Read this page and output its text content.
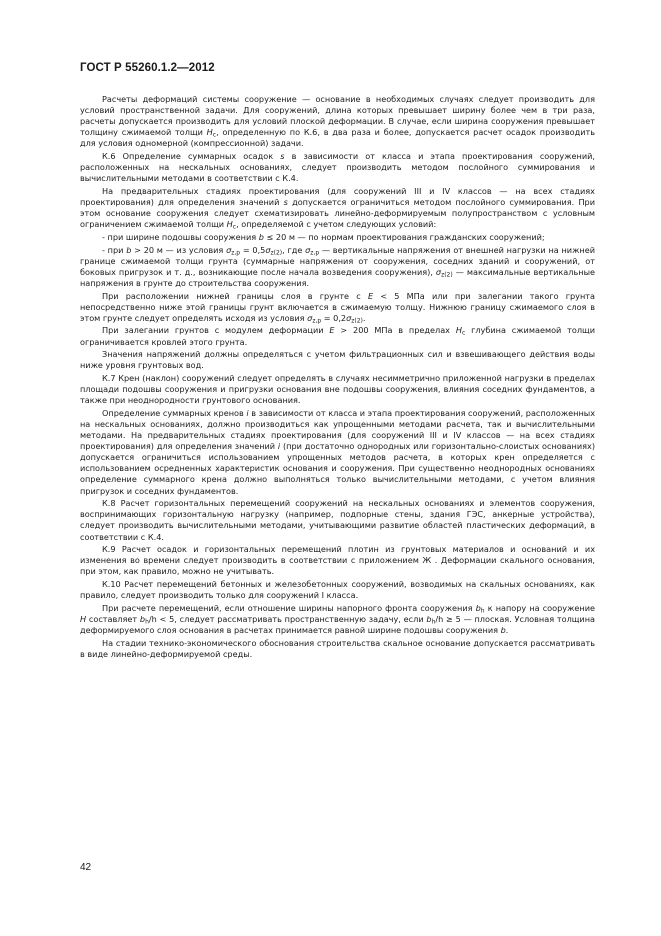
ГОСТ Р 55260.1.2—2012

Расчеты деформаций системы сооружение — основание в необходимых случаях следует производить для условий пространственной задачи. Для сооружений, длина которых превышает ширину более чем в три раза, расчеты допускается производить для условий плоской деформации. В случае, если ширина сооружения превышает толщину сжимаемой толщи $H_c$, определенную по К.6, в два раза и более, допускается расчет осадок производить для условия одномерной (компрессионной) задачи.

К.6 Определение суммарных осадок s в зависимости от класса и этапа проектирования сооружений, расположенных на нескальных основаниях, следует производить методом послойного суммирования и вычислительными методами в соответствии с К.4.

На предварительных стадиях проектирования (для сооружений III и IV классов — на всех стадиях проектирования) для определения значений s допускается ограничиться методом послойного суммирования. При этом основание сооружения следует схематизировать линейно-деформируемым полупространством с условным ограничением сжимаемой толщи $H_c$, определяемой с учетом следующих условий:

- при ширине подошвы сооружения b ≤ 20 м — по нормам проектирования гражданских сооружений;

- при b > 20 м — из условия $\sigma_{z,р} = 0,5\sigma_{z(2)}$, где $\sigma_{z,р}$ — вертикальные напряжения от внешней нагрузки на нижней границе сжимаемой толщи грунта (суммарные напряжения от сооружения, соседних зданий и сооружений, от боковых пригрузок и т. д., возникающие после начала возведения сооружения), $\sigma_{z(2)}$ — максимальные вертикальные напряжения в грунте до строительства сооружения.

При расположении нижней границы слоя в грунте с E < 5 МПа или при залегании такого грунта непосредственно ниже этой границы грунт включается в сжимаемую толщу. Нижнюю границу сжимаемого слоя в этом грунте следует определять исходя из условия $\sigma_{z,р} = 0,2\sigma_{z(2)}$.

При залегании грунтов с модулем деформации E > 200 МПа в пределах $H_c$ глубина сжимаемой толщи ограничивается кровлей этого грунта.

Значения напряжений должны определяться с учетом фильтрационных сил и взвешивающего действия воды ниже уровня грунтовых вод.

К.7 Крен (наклон) сооружений следует определять в случаях несимметрично приложенной нагрузки в пределах площади подошвы сооружения и пригрузки основания вне подошвы сооружения, влияния соседних фундаментов, а также при неоднородности грунтового основания.

Определение суммарных кренов i в зависимости от класса и этапа проектирования сооружений, расположенных на нескальных основаниях, должно производиться как упрощенными методами расчета, так и вычислительными методами. На предварительных стадиях проектирования (для сооружений III и IV классов — на всех стадиях проектирования) для определения значений i (при достаточно однородных или горизонтально-слоистых основаниях) допускается ограничиться использованием упрощенных методов расчета, в которых крен определяется с использованием осредненных характеристик основания и сооружения. При существенно неоднородных основаниях определение суммарного крена должно выполняться только вычислительными методами, с учетом влияния пригрузок и соседних фундаментов.

К.8 Расчет горизонтальных перемещений сооружений на нескальных основаниях и элементов сооружения, воспринимающих горизонтальную нагрузку (например, подпорные стены, здания ГЭС, анкерные устройства), следует производить вычислительными методами, учитывающими развитие областей пластических деформаций, в соответствии с К.4.

К.9 Расчет осадок и горизонтальных перемещений плотин из грунтовых материалов и оснований и их изменения во времени следует производить в соответствии с приложением Ж . Деформации скального основания, при этом, как правило, можно не учитывать.

К.10 Расчет перемещений бетонных и железобетонных сооружений, возводимых на скальных основаниях, как правило, следует производить только для сооружений I класса.

При расчете перемещений, если отношение ширины напорного фронта сооружения $b_h$ к напору на сооружение H составляет $b_h/h < 5$, следует рассматривать пространственную задачу, если $b_h/h \ge 5$ — плоская. Условная толщина деформируемого слоя основания в расчетах принимается равной ширине подошвы сооружения b.

На стадии технико-экономического обоснования строительства скальное основание допускается рассматривать в виде линейно-деформируемой среды.

42
